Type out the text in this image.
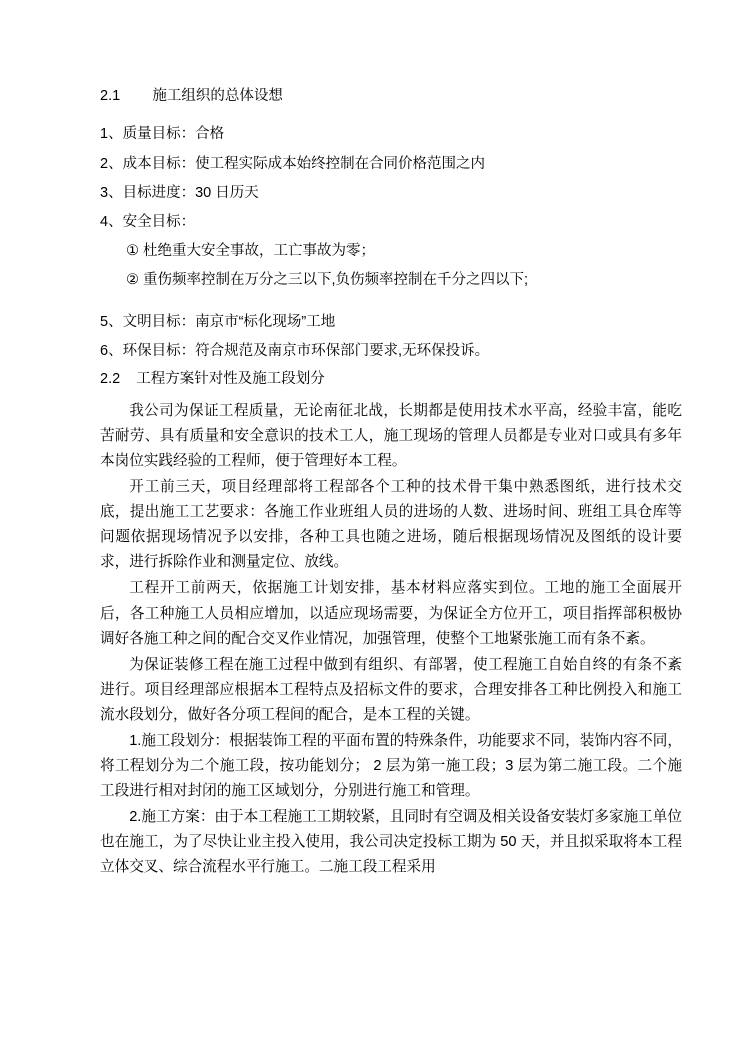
2.1        施工组织的总体设想
1、质量目标：合格
2、成本目标：使工程实际成本始终控制在合同价格范围之内
3、目标进度：30 日历天
4、安全目标：
① 杜绝重大安全事故，工亡事故为零；
② 重伤频率控制在万分之三以下,负伤频率控制在千分之四以下;
5、文明目标：南京市“标化现场”工地
6、环保目标：符合规范及南京市环保部门要求,无环保投诉。
2.2    工程方案针对性及施工段划分

我公司为保证工程质量，无论南征北战，长期都是使用技术水平高，经验丰富，能吃苦耐劳、具有质量和安全意识的技术工人，施工现场的管理人员都是专业对口或具有多年本岗位实践经验的工程师，便于管理好本工程。

开工前三天，项目经理部将工程部各个工种的技术骨干集中熟悉图纸，进行技术交底，提出施工工艺要求：各施工作业班组人员的进场的人数、进场时间、班组工具仓库等问题依据现场情况予以安排，各种工具也随之进场，随后根据现场情况及图纸的设计要求，进行拆除作业和测量定位、放线。

工程开工前两天，依据施工计划安排，基本材料应落实到位。工地的施工全面展开后，各工种施工人员相应增加，以适应现场需要，为保证全方位开工，项目指挥部积极协调好各施工种之间的配合交叉作业情况，加强管理，使整个工地紧张施工而有条不紊。

为保证装修工程在施工过程中做到有组织、有部署，使工程施工自始自终的有条不紊进行。项目经理部应根据本工程特点及招标文件的要求，合理安排各工种比例投入和施工流水段划分，做好各分项工程间的配合，是本工程的关键。

1.施工段划分：根据装饰工程的平面布置的特殊条件，功能要求不同，装饰内容不同，将工程划分为二个施工段，按功能划分； 2 层为第一施工段；3 层为第二施工段。二个施工段进行相对封闭的施工区域划分，分别进行施工和管理。

2.施工方案：由于本工程施工工期较紧，且同时有空调及相关设备安装灯多家施工单位也在施工，为了尽快让业主投入使用，我公司决定投标工期为 50 天，并且拟采取将本工程立体交叉、综合流程水平行施工。二施工段工程采用
